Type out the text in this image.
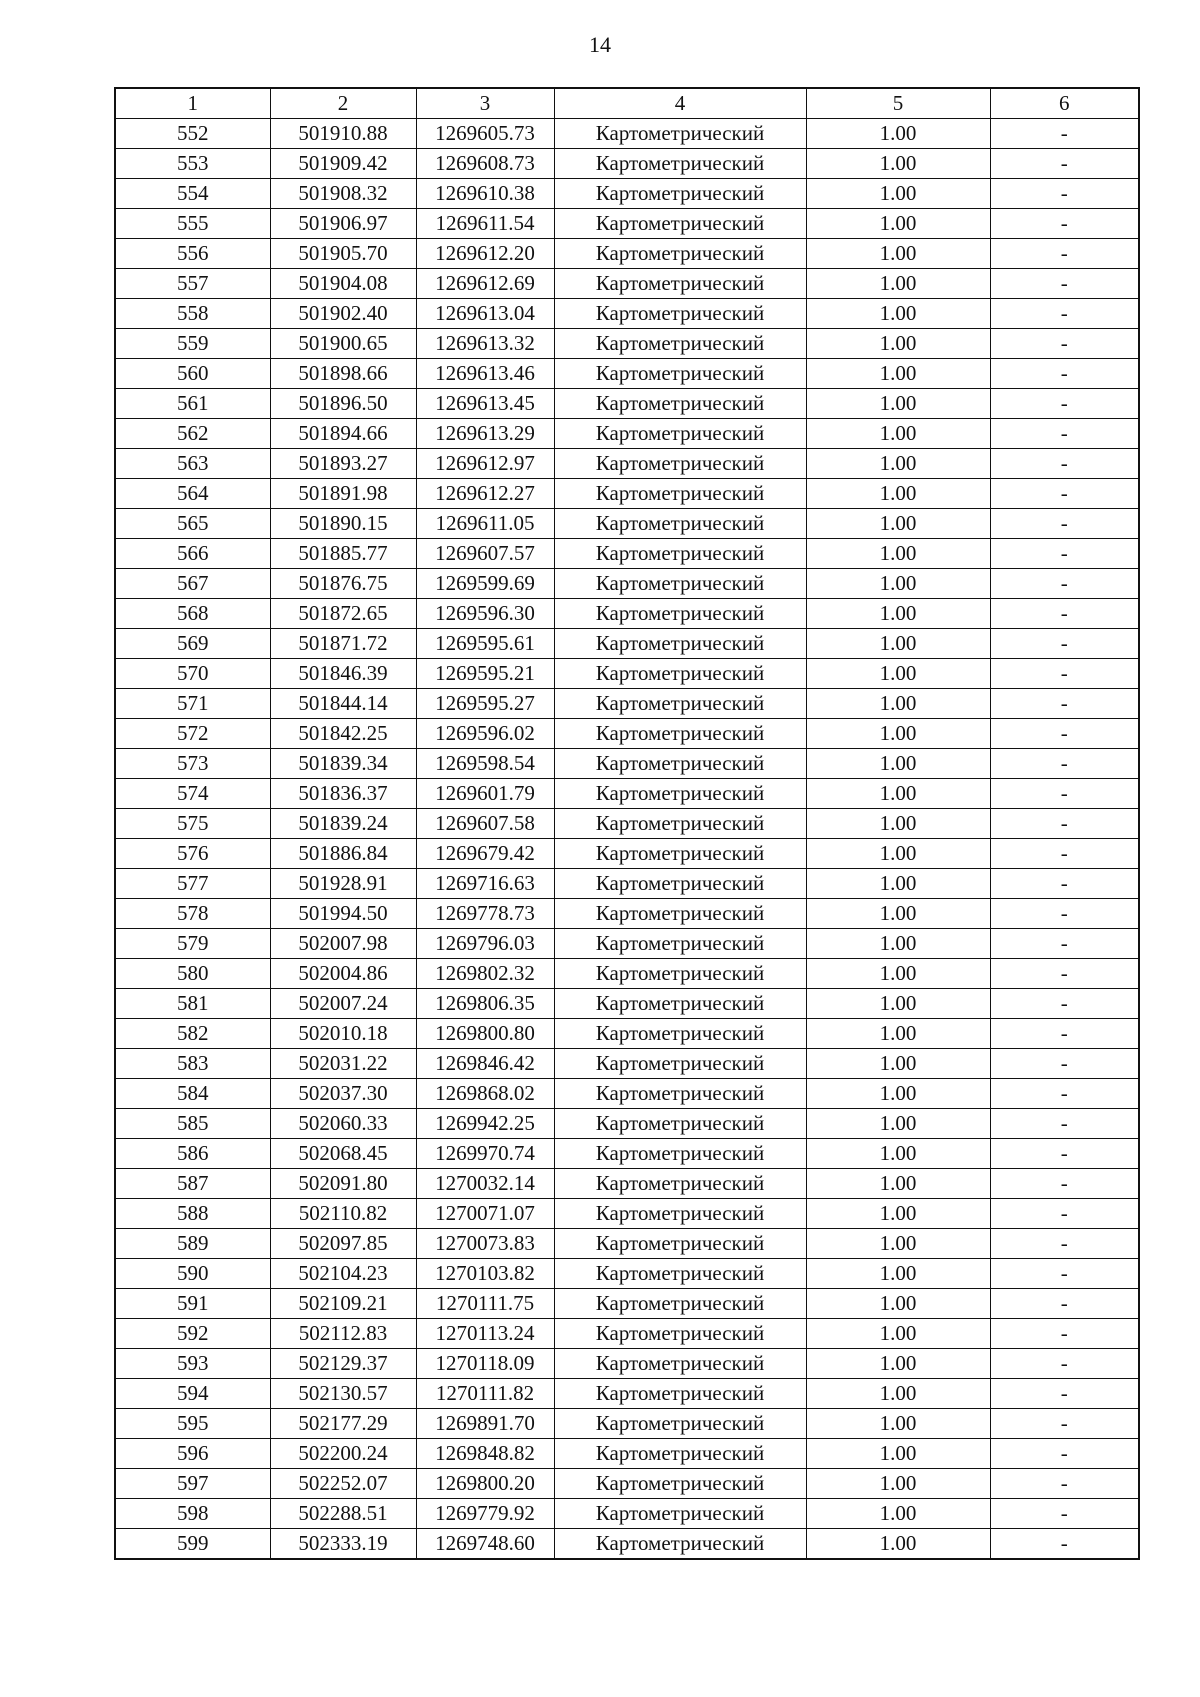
14
1	2	3	4	5	6
552	501910.88	1269605.73	Картометрический	1.00	-
553	501909.42	1269608.73	Картометрический	1.00	-
554	501908.32	1269610.38	Картометрический	1.00	-
555	501906.97	1269611.54	Картометрический	1.00	-
556	501905.70	1269612.20	Картометрический	1.00	-
557	501904.08	1269612.69	Картометрический	1.00	-
558	501902.40	1269613.04	Картометрический	1.00	-
559	501900.65	1269613.32	Картометрический	1.00	-
560	501898.66	1269613.46	Картометрический	1.00	-
561	501896.50	1269613.45	Картометрический	1.00	-
562	501894.66	1269613.29	Картометрический	1.00	-
563	501893.27	1269612.97	Картометрический	1.00	-
564	501891.98	1269612.27	Картометрический	1.00	-
565	501890.15	1269611.05	Картометрический	1.00	-
566	501885.77	1269607.57	Картометрический	1.00	-
567	501876.75	1269599.69	Картометрический	1.00	-
568	501872.65	1269596.30	Картометрический	1.00	-
569	501871.72	1269595.61	Картометрический	1.00	-
570	501846.39	1269595.21	Картометрический	1.00	-
571	501844.14	1269595.27	Картометрический	1.00	-
572	501842.25	1269596.02	Картометрический	1.00	-
573	501839.34	1269598.54	Картометрический	1.00	-
574	501836.37	1269601.79	Картометрический	1.00	-
575	501839.24	1269607.58	Картометрический	1.00	-
576	501886.84	1269679.42	Картометрический	1.00	-
577	501928.91	1269716.63	Картометрический	1.00	-
578	501994.50	1269778.73	Картометрический	1.00	-
579	502007.98	1269796.03	Картометрический	1.00	-
580	502004.86	1269802.32	Картометрический	1.00	-
581	502007.24	1269806.35	Картометрический	1.00	-
582	502010.18	1269800.80	Картометрический	1.00	-
583	502031.22	1269846.42	Картометрический	1.00	-
584	502037.30	1269868.02	Картометрический	1.00	-
585	502060.33	1269942.25	Картометрический	1.00	-
586	502068.45	1269970.74	Картометрический	1.00	-
587	502091.80	1270032.14	Картометрический	1.00	-
588	502110.82	1270071.07	Картометрический	1.00	-
589	502097.85	1270073.83	Картометрический	1.00	-
590	502104.23	1270103.82	Картометрический	1.00	-
591	502109.21	1270111.75	Картометрический	1.00	-
592	502112.83	1270113.24	Картометрический	1.00	-
593	502129.37	1270118.09	Картометрический	1.00	-
594	502130.57	1270111.82	Картометрический	1.00	-
595	502177.29	1269891.70	Картометрический	1.00	-
596	502200.24	1269848.82	Картометрический	1.00	-
597	502252.07	1269800.20	Картометрический	1.00	-
598	502288.51	1269779.92	Картометрический	1.00	-
599	502333.19	1269748.60	Картометрический	1.00	-
